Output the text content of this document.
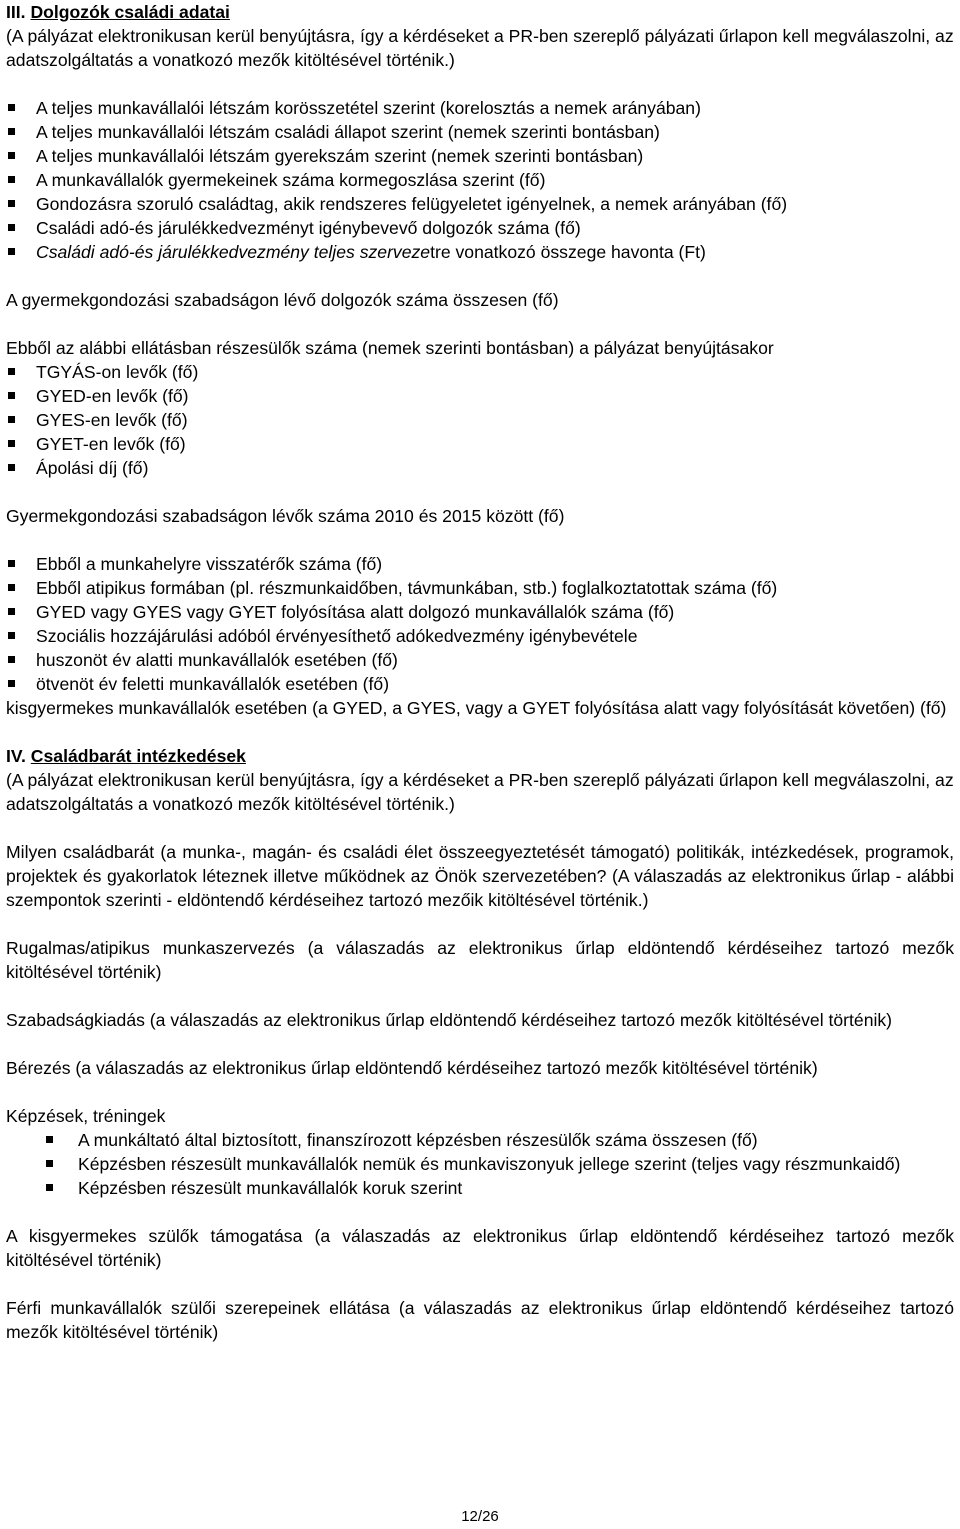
III. Dolgozók családi adatai

(A pályázat elektronikusan kerül benyújtásra, így a kérdéseket a PR-ben szereplő pályázati űrlapon kell megválaszolni, az adatszolgáltatás a vonatkozó mezők kitöltésével történik.)

A teljes munkavállalói létszám korösszetétel szerint (korelosztás a nemek arányában)
A teljes munkavállalói létszám családi állapot szerint (nemek szerinti bontásban)
A teljes munkavállalói létszám gyerekszám szerint (nemek szerinti bontásban)
A munkavállalók gyermekeinek száma kormegoszlása szerint (fő)
Gondozásra szoruló családtag, akik rendszeres felügyeletet igényelnek, a nemek arányában (fő)
Családi adó-és járulékkedvezményt igénybevevő dolgozók száma (fő)
Családi adó-és járulékkedvezmény teljes szervezetre vonatkozó összege havonta (Ft)

A gyermekgondozási szabadságon lévő dolgozók száma összesen (fő)

Ebből az alábbi ellátásban részesülők száma (nemek szerinti bontásban) a pályázat benyújtásakor

TGYÁS-on levők (fő)
GYED-en levők (fő)
GYES-en levők (fő)
GYET-en levők (fő)
Ápolási díj (fő)

Gyermekgondozási szabadságon lévők száma 2010 és 2015 között (fő)

Ebből a munkahelyre visszatérők száma (fő)
Ebből atipikus formában (pl. részmunkaidőben, távmunkában, stb.) foglalkoztatottak száma (fő)
GYED vagy GYES vagy GYET folyósítása alatt dolgozó munkavállalók száma (fő)
Szociális hozzájárulási adóból érvényesíthető adókedvezmény igénybevétele
huszonöt év alatti munkavállalók esetében (fő)
ötvenöt év feletti munkavállalók esetében (fő)

kisgyermekes munkavállalók esetében (a GYED, a GYES, vagy a GYET folyósítása alatt vagy folyósítását követően) (fő)

IV. Családbarát intézkedések

(A pályázat elektronikusan kerül benyújtásra, így a kérdéseket a PR-ben szereplő pályázati űrlapon kell megválaszolni, az adatszolgáltatás a vonatkozó mezők kitöltésével történik.)

Milyen családbarát (a munka-, magán- és családi élet összeegyeztetését támogató) politikák, intézkedések, programok, projektek és gyakorlatok léteznek illetve működnek az Önök szervezetében? (A válaszadás az elektronikus űrlap - alábbi szempontok szerinti - eldöntendő kérdéseihez tartozó mezőik kitöltésével történik.)

Rugalmas/atipikus munkaszervezés (a válaszadás az elektronikus űrlap eldöntendő kérdéseihez tartozó mezők kitöltésével történik)

Szabadságkiadás (a válaszadás az elektronikus űrlap eldöntendő kérdéseihez tartozó mezők kitöltésével történik)

Bérezés (a válaszadás az elektronikus űrlap eldöntendő kérdéseihez tartozó mezők kitöltésével történik)

Képzések, tréningek

A munkáltató által biztosított, finanszírozott képzésben részesülők száma összesen (fő)
Képzésben részesült munkavállalók nemük és munkaviszonyuk jellege szerint (teljes vagy részmunkaidő)
Képzésben részesült munkavállalók koruk szerint

A kisgyermekes szülők támogatása (a válaszadás az elektronikus űrlap eldöntendő kérdéseihez tartozó mezők kitöltésével történik)

Férfi munkavállalók szülői szerepeinek ellátása (a válaszadás az elektronikus űrlap eldöntendő kérdéseihez tartozó mezők kitöltésével történik)

12/26
